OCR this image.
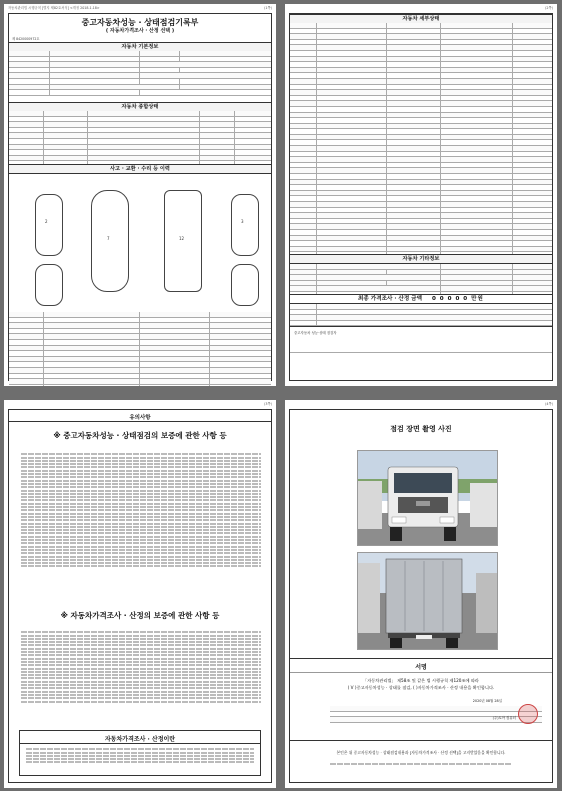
자동차관리법 시행규칙 [별지 제82호서식] <개정 2018.1.18>	(1쪽)
중고자동차성능 · 상태점검기록부
( 자동차가격조사 · 산정 선택 )
제 8420000972호
자동차 기본정보
자동차 종합상태
사고 · 교환 · 수리 등 이력
2
7	12
3
(2쪽)
자동차 세부상태
자동차 기타정보
최종 가격조사 · 산정 금액 0 0 0 0 0 만원
중고자동차 성능·상태 점검자
(3쪽)
유의사항
※ 중고자동차성능 · 상태점검의 보증에 관한 사항 등
※ 자동차가격조사 · 산정의 보증에 관한 사항 등
자동차가격조사 · 산정이란
(4쪽)
점검 장면 촬영 사진
서명
「자동차관리법」 제58조 및 같은 법 시행규칙 제120조에 따라
( V )중고자동차성능 · 상태를 점검, ( )자동차가격조사 · 산정 내용을 확인합니다.
2020년 08월 28일
(주)토아 컴퓨터
본인은 위 중고자동차성능 · 상태점검내용과 [자동차가격조사 · 산정 선택]을 고지받았음을 확인합니다.
